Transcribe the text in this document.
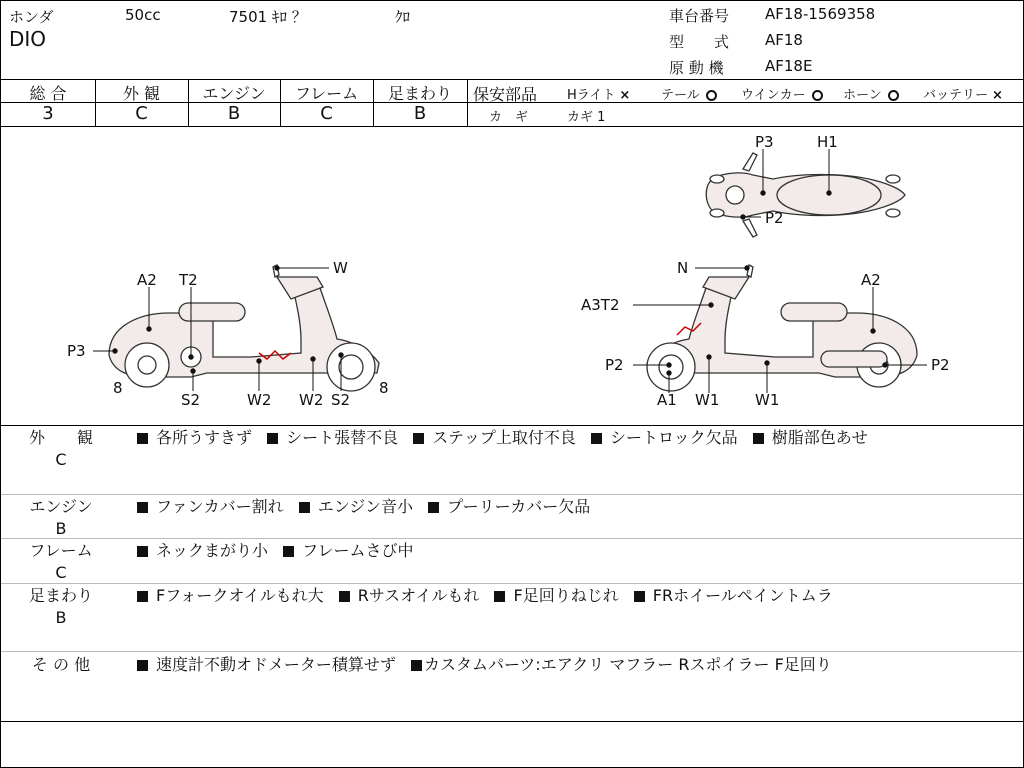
ホンダ	50cc	7501 ｷﾛ ？	ｸﾛ
DIO
車台番号 AF18-1569358
型　　式 AF18
原 動 機	AF18E
総 合	外 観	エンジン	フレーム	足まわり
3	C	B	C	B
保安部品 Hライト × テール	ウインカー	ホーン	バッテリー ×
カ　ギ	カギ 1
A2 T2
W
P3
8
S2	W2 W2 S2
8
P3	H1
P2
N
A2
A3T2
P2	P2
A1 W1 W1
外　　観
C
各所うすきず シート張替不良 ステップ上取付不良 シートロック欠品 樹脂部色あせ
エンジン
B
ファンカバー割れ エンジン音小 プーリーカバー欠品
フレーム
C
ネックまがり小 フレームさび中
足まわり
B
Fフォークオイルもれ大 Rサスオイルもれ F足回りねじれ FRホイールペイントムラ
そ の 他	速度計不動オドメーター積算せず カスタムパーツ:エアクリ マフラー Rスポイラー F足回り
